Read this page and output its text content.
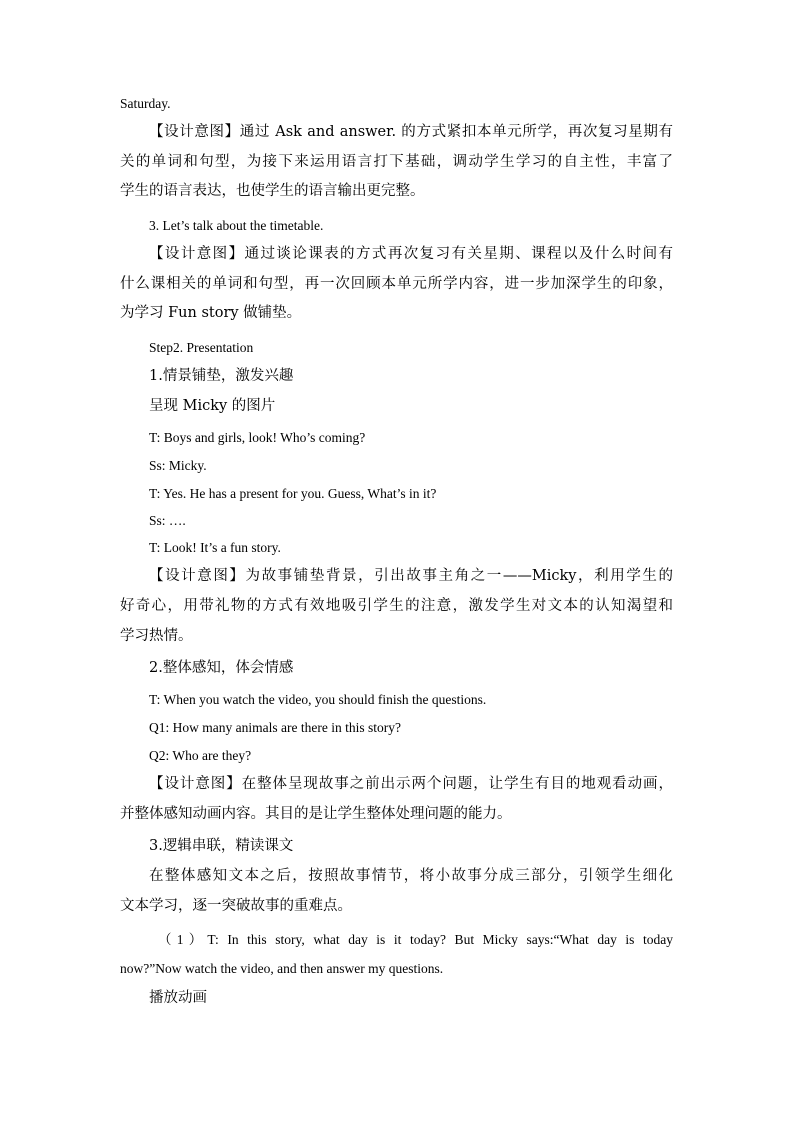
Saturday.
【设计意图】通过 Ask and answer. 的方式紧扣本单元所学，再次复习星期有
关的单词和句型，为接下来运用语言打下基础，调动学生学习的自主性，丰富了
学生的语言表达，也使学生的语言输出更完整。
3. Let’s talk about the timetable.
【设计意图】通过谈论课表的方式再次复习有关星期、课程以及什么时间有
什么课相关的单词和句型，再一次回顾本单元所学内容，进一步加深学生的印象，
为学习 Fun story 做铺垫。
Step2. Presentation
1.情景铺垫，激发兴趣
呈现 Micky 的图片
T: Boys and girls, look! Who’s coming?
Ss: Micky.
T: Yes. He has a present for you. Guess, What’s in it?
Ss: ….
T: Look! It’s a fun story.
【设计意图】为故事铺垫背景，引出故事主角之一——Micky，利用学生的
好奇心，用带礼物的方式有效地吸引学生的注意，激发学生对文本的认知渴望和
学习热情。
2.整体感知，体会情感
T: When you watch the video, you should finish the questions.
Q1: How many animals are there in this story?
Q2: Who are they?
【设计意图】在整体呈现故事之前出示两个问题，让学生有目的地观看动画，
并整体感知动画内容。其目的是让学生整体处理问题的能力。
3.逻辑串联，精读课文
在整体感知文本之后，按照故事情节，将小故事分成三部分，引领学生细化
文本学习，逐一突破故事的重难点。
（1）T: In this story, what day is it today? But Micky says:“What day is today
now?”Now watch the video, and then answer my questions.
播放动画
